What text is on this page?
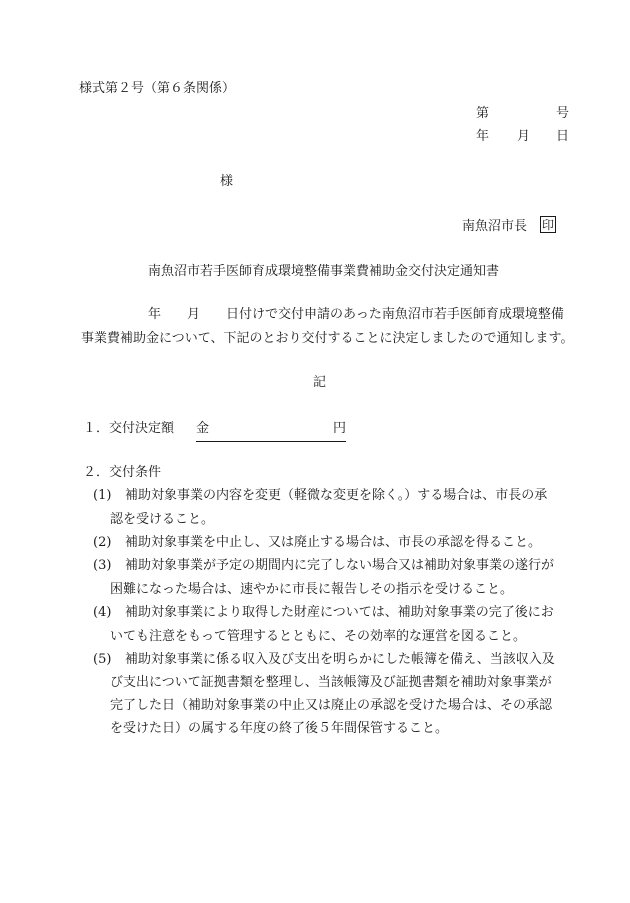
様式第２号（第６条関係）
第	号
年 月 日
様
南魚沼市長 印
南魚沼市若手医師育成環境整備事業費補助金交付決定通知書
年 月 日付けで交付申請のあった南魚沼市若手医師育成環境整備
事業費補助金について、下記のとおり交付することに決定しましたので通知します。
記
１．交付決定額 金	円
２．交付条件
(1) 補助対象事業の内容を変更（軽微な変更を除く。）する場合は、市長の承
認を受けること。
(2) 補助対象事業を中止し、又は廃止する場合は、市長の承認を得ること。
(3) 補助対象事業が予定の期間内に完了しない場合又は補助対象事業の遂行が
困難になった場合は、速やかに市長に報告しその指示を受けること。
(4) 補助対象事業により取得した財産については、補助対象事業の完了後にお
いても注意をもって管理するとともに、その効率的な運営を図ること。
(5) 補助対象事業に係る収入及び支出を明らかにした帳簿を備え、当該収入及
び支出について証拠書類を整理し、当該帳簿及び証拠書類を補助対象事業が
完了した日（補助対象事業の中止又は廃止の承認を受けた場合は、その承認
を受けた日）の属する年度の終了後５年間保管すること。
